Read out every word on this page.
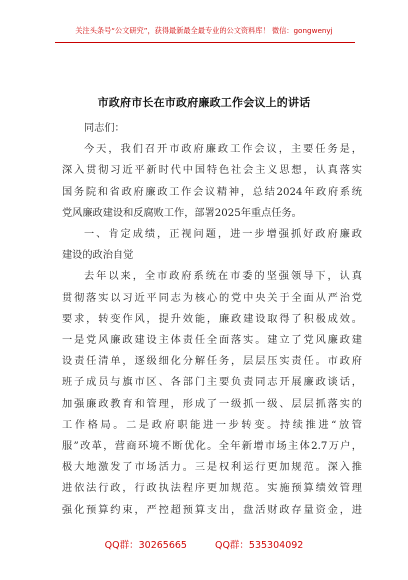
关注头条号“公文研究”，获得最新最全最专业的公文资料库！ 微信：gongwenyj
市政府市长在市政府廉政工作会议上的讲话
同志们：
今天，我们召开市政府廉政工作会议，主要任务是，
深入贯彻习近平新时代中国特色社会主义思想，认真落实
国务院和省政府廉政工作会议精神，总结2024年政府系统
党风廉政建设和反腐败工作，部署2025年重点任务。
一、肯定成绩，正视问题，进一步增强抓好政府廉政
建设的政治自觉
去年以来，全市政府系统在市委的坚强领导下，认真
贯彻落实以习近平同志为核心的党中央关于全面从严治党
要求，转变作风，提升效能，廉政建设取得了积极成效。
一是党风廉政建设主体责任全面落实。建立了党风廉政建
设责任清单，逐级细化分解任务，层层压实责任。市政府
班子成员与旗市区、各部门主要负责同志开展廉政谈话，
加强廉政教育和管理，形成了一级抓一级、层层抓落实的
工作格局。二是政府职能进一步转变。持续推进“放管
服”改革，营商环境不断优化。全年新增市场主体2.7万户，
极大地激发了市场活力。三是权利运行更加规范。深入推
进依法行政，行政执法程序更加规范。实施预算绩效管理
强化预算约束，严控超预算支出，盘活财政存量资金，进
QQ群：30265665	QQ群：535304092
